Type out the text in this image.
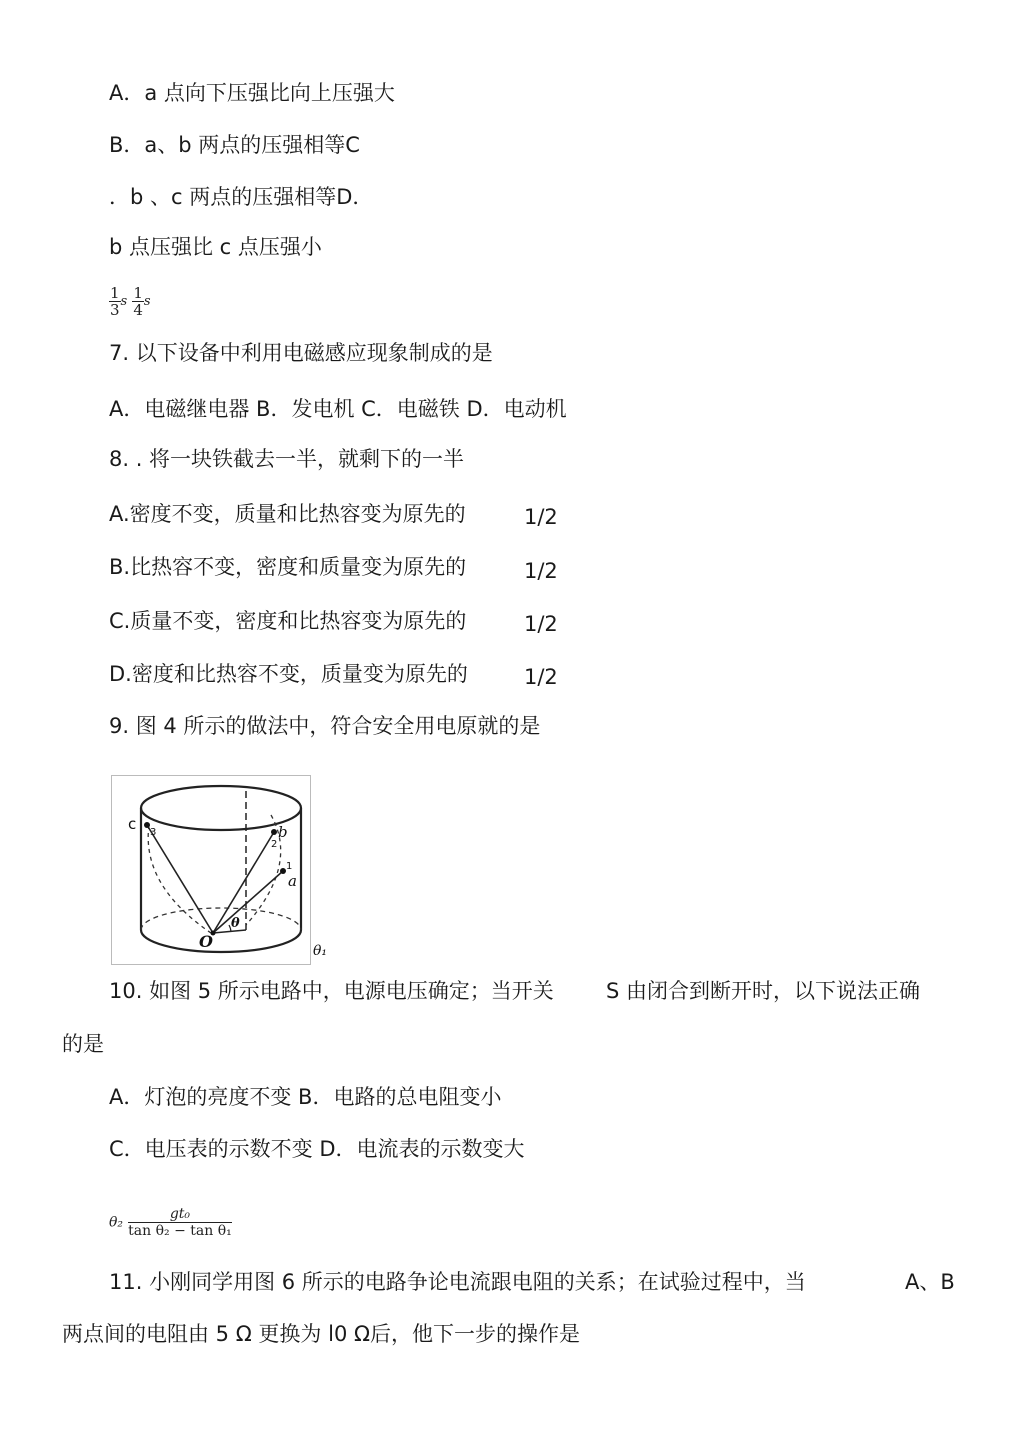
A．a 点向下压强比向上压强大
B．a、b 两点的压强相等C
．b 、c 两点的压强相等D．
b 点压强比 c 点压强小
$\frac{1}{3}$ s $\frac{1}{4}$ s
7. 以下设备中利用电磁感应现象制成的是
A．电磁继电器 B．发电机 C．电磁铁 D．电动机
8. . 将一块铁截去一半，就剩下的一半
A.密度不变，质量和比热容变为原先的	1/2
B.比热容不变，密度和质量变为原先的	1/2
C.质量不变，密度和比热容变为原先的	1/2
D.密度和比热容不变，质量变为原先的	1/2
9. 图 4 所示的做法中，符合安全用电原就的是
c 3	b
2
1
a
O
θ
θ₁
10. 如图 5 所示电路中，电源电压确定；当开关 S 由闭合到断开时，以下说法正确
的是
A．灯泡的亮度不变 B．电路的总电阻变小
C．电压表的示数不变 D．电流表的示数变大
$\theta_2 \frac{\text{gt₀}}{\text{tan θ₂ − tan θ₁}}$
11. 小刚同学用图 6 所示的电路争论电流跟电阻的关系；在试验过程中，当	A、B
两点间的电阻由 5 Ω 更换为 l0 Ω后，他下一步的操作是
